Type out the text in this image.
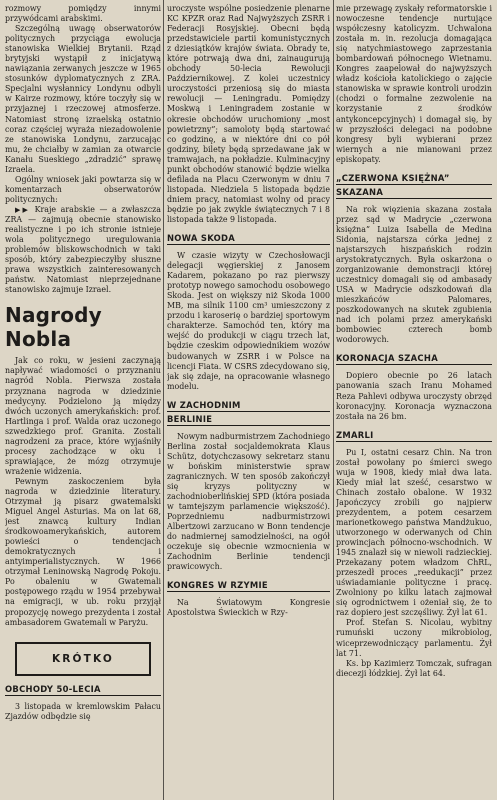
rozmowy pomiędzy innymi przywódcami arabskimi.

Szczególną uwagę obserwatorów politycznych przyciąga ewolucja stanowiska Wielkiej Brytanii. Rząd brytyjski wystąpił z inicjatywą nawiązania zerwanych jeszcze w 1965 stosunków dyplomatycznych z ZRA. Specjalni wysłannicy Londynu odbyli w Kairze rozmowy, które toczyły się w przyjaznej i rzeczowej atmosferze. Natomiast stronę izraelską ostatnio coraz częściej wyraża niezadowolenie ze stanowiska Londynu, zarzucając mu, że chciałby w zamian za otwarcie Kanału Sueskiego „zdradzić” sprawę Izraela.

Ogólny wniosek jaki powtarza się w komentarzach obserwatorów politycznych:

▶▶ Kraje arabskie — a zwłaszcza ZRA — zajmują obecnie stanowisko realistyczne i po ich stronie istnieje wola politycznego uregulowania problemów bliskowschodnich w taki sposób, który zabezpieczyłby słuszne prawa wszystkich zainteresowanych państw. Natomiast nieprzejednane stanowisko zajmuje Izrael.

Nagrody Nobla

Jak co roku, w jesieni zaczynają napływać wiadomości o przyznaniu nagród Nobla. Pierwsza została przyznana nagroda w dziedzinie medycyny. Podzielono ją między dwóch uczonych amerykańskich: prof. Hartlinga i prof. Walda oraz uczonego szwedzkiego prof. Granita. Zostali nagrodzeni za prace, które wyjaśniły procesy zachodzące w oku i sprawiające, że mózg otrzymuje wrażenie widzenia.

Pewnym zaskoczeniem była nagroda w dziedzinie literatury. Otrzymał ją pisarz gwatemalski Miguel Angel Asturias. Ma on lat 68, jest znawcą kultury Indian środkowoamerykańskich, autorem powieści o tendencjach demokratycznych i antyimperialistycznych. W 1966 otrzymał Leninowską Nagrodę Pokoju. Po obaleniu w Gwatemali postępowego rządu w 1954 przebywał na emigracji, w ub. roku przyjął propozycję nowego prezydenta i został ambasadorem Gwatemali w Paryżu.

KRÓTKO
OBCHODY 50-LECIA

3 listopada w kremlowskim Pałacu Zjazdów odbędzie się

uroczyste wspólne posiedzenie plenarne KC KPZR oraz Rad Najwyższych ZSRR i Federacji Rosyjskiej. Obecni będą przedstawiciele partii komunistycznych z dziesiątków krajów świata. Obrady te, które potrwają dwa dni, zainaugurują obchody 50-lecia Rewolucji Październikowej. Z kolei uczestnicy uroczystości przeniosą się do miasta rewolucji — Leningradu. Pomiędzy Moskwą i Leningradem zostanie w okresie obchodów uruchomiony „most powietrzny”; samoloty będą startować co godzinę, a w niektóre dni co pół godziny, bilety będą sprzedawane jak w tramwajach, na pokładzie. Kulminacyjny punkt obchodów stanowić będzie wielka defilada na Placu Czerwonym w dniu 7 listopada. Niedziela 5 listopada będzie dniem pracy, natomiast wolny od pracy będzie po jak zwykle świątecznych 7 i 8 listopada także 9 listopada.

NOWA SKODA

W czasie wizyty w Czechosłowacji delegacji węgierskiej z Janosem Kadarem, pokazano po raz pierwszy prototyp nowego samochodu osobowego Skoda. Jest on większy niż Skoda 1000 MB, ma silnik 1100 cm³ umieszczony z przodu i karoserię o bardziej sportowym charakterze. Samochód ten, który ma wejść do produkcji w ciągu trzech lat, będzie czeskim odpowiednikiem wozów budowanych w ZSRR i w Polsce na licencji Fiata. W CSRS zdecydowano się, jak się zdaje, na opracowanie własnego modelu.

W ZACHODNIM
BERLINIE

Nowym nadburmistrzem Zachodniego Berlina został socjaldemokrata Klaus Schütz, dotychczasowy sekretarz stanu w bońskim ministerstwie spraw zagranicznych. W ten sposób zakończył się kryzys polityczny w zachodnioberlińskiej SPD (która posiada w tamtejszym parlamencie większość). Poprzedniemu nadburmistrzowi Albertzowi zarzucano w Bonn tendencje do nadmiernej samodzielności, na ogół oczekuje się obecnie wzmocnienia w Zachodnim Berlinie tendencji prawicowych.

KONGRES W RZYMIE

Na Światowym Kongresie Apostolstwa Świeckich w Rzy-

mie przewagę zyskały reformatorskie i nowoczesne tendencje nurtujące współczesny katolicyzm. Uchwalona została m. in. rezolucja domagająca się natychmiastowego zaprzestania bombardowań północnego Wietnamu. Kongres zaapelował do najwyższych władz kościoła katolickiego o zajęcie stanowiska w sprawie kontroli urodzin (chodzi o formalne zezwolenie na korzystanie z środków antykoncepcyjnych) i domagał się, by w przyszłości delegaci na podobne kongresy byli wybierani przez wiernych a nie mianowani przez episkopaty.

„CZERWONA KSIĘŻNA”
SKAZANA

Na rok więzienia skazana została przez sąd w Madrycie „czerwona księżna” Luiza Isabella de Medina Sidonia, najstarsza córka jednej z najstarszych hiszpańskich rodzin arystokratycznych. Była oskarżona o zorganizowanie demonstracji której uczestnicy domagali się od ambasady USA w Madrycie odszkodowań dla mieszkańców Palomares, poszkodowanych na skutek zgubienia nad ich polami przez amerykański bombowiec czterech bomb wodorowych.

KORONACJA SZACHA

Dopiero obecnie po 26 latach panowania szach Iranu Mohamed Reza Pahlevi odbywa uroczysty obrzęd koronacyjny. Koronacja wyznaczona została na 26 bm.

ZMARLI

Pu I, ostatni cesarz Chin. Na tron został powołany po śmierci swego wuja w 1908, kiedy miał dwa lata. Kiedy miał lat sześć, cesarstwo w Chinach zostało obalone. W 1932 Japończycy zrobili go najpierw prezydentem, a potem cesarzem marionetkowego państwa Mandżukuo, utworzonego w oderwanych od Chin prowincjach północno-wschodnich. W 1945 znalazł się w niewoli radzieckiej. Przekazany potem władzom ChRL, przeszedł proces „reedukacji” przez uświadamianie polityczne i pracę. Zwolniony po kilku latach zajmował się ogrodnictwem i ożeniał się, że to raz dopiero jest szczęśliwy. Żył lat 61.

Prof. Stefan S. Nicolau, wybitny rumuński uczony mikrobiolog, wiceprzewodniczący parlamentu. Żył lat 71.

Ks. bp Kazimierz Tomczak, sufragan diecezji łódzkiej. Żył lat 64.
